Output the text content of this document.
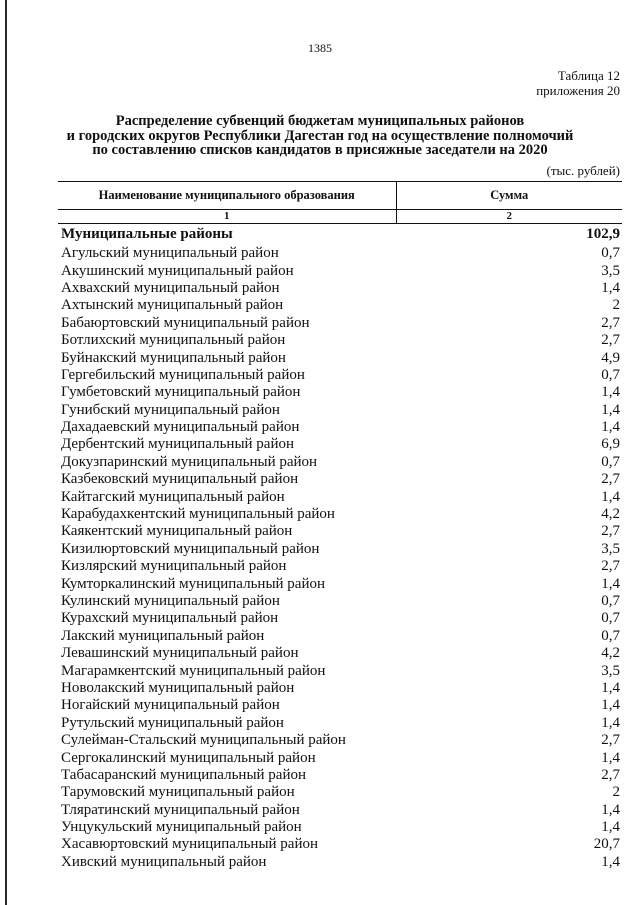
1385
Таблица 12
приложения 20
Распределение субвенций бюджетам муниципальных районов
и городских округов Республики Дагестан год на осуществление полномочий
по составлению списков кандидатов в присяжные заседатели на 2020
(тыс. рублей)
Наименование муниципального образования	Сумма
1	2
Муниципальные районы	102,9
Агульский муниципальный район	0,7
Акушинский муниципальный район	3,5
Ахвахский муниципальный район	1,4
Ахтынский муниципальный район	2
Бабаюртовский муниципальный район	2,7
Ботлихский муниципальный район	2,7
Буйнакский муниципальный район	4,9
Гергебильский муниципальный район	0,7
Гумбетовский муниципальный район	1,4
Гунибский муниципальный район	1,4
Дахадаевский муниципальный район	1,4
Дербентский муниципальный район	6,9
Докузпаринский муниципальный район	0,7
Казбековский муниципальный район	2,7
Кайтагский муниципальный район	1,4
Карабудахкентский муниципальный район	4,2
Каякентский муниципальный район	2,7
Кизилюртовский муниципальный район	3,5
Кизлярский муниципальный район	2,7
Кумторкалинский муниципальный район	1,4
Кулинский муниципальный район	0,7
Курахский муниципальный район	0,7
Лакский муниципальный район	0,7
Левашинский муниципальный район	4,2
Магарамкентский муниципальный район	3,5
Новолакский муниципальный район	1,4
Ногайский муниципальный район	1,4
Рутульский муниципальный район	1,4
Сулейман-Стальский муниципальный район	2,7
Сергокалинский муниципальный район	1,4
Табасаранский муниципальный район	2,7
Тарумовский муниципальный район	2
Тляратинский муниципальный район	1,4
Унцукульский муниципальный район	1,4
Хасавюртовский муниципальный район	20,7
Хивский муниципальный район	1,4
